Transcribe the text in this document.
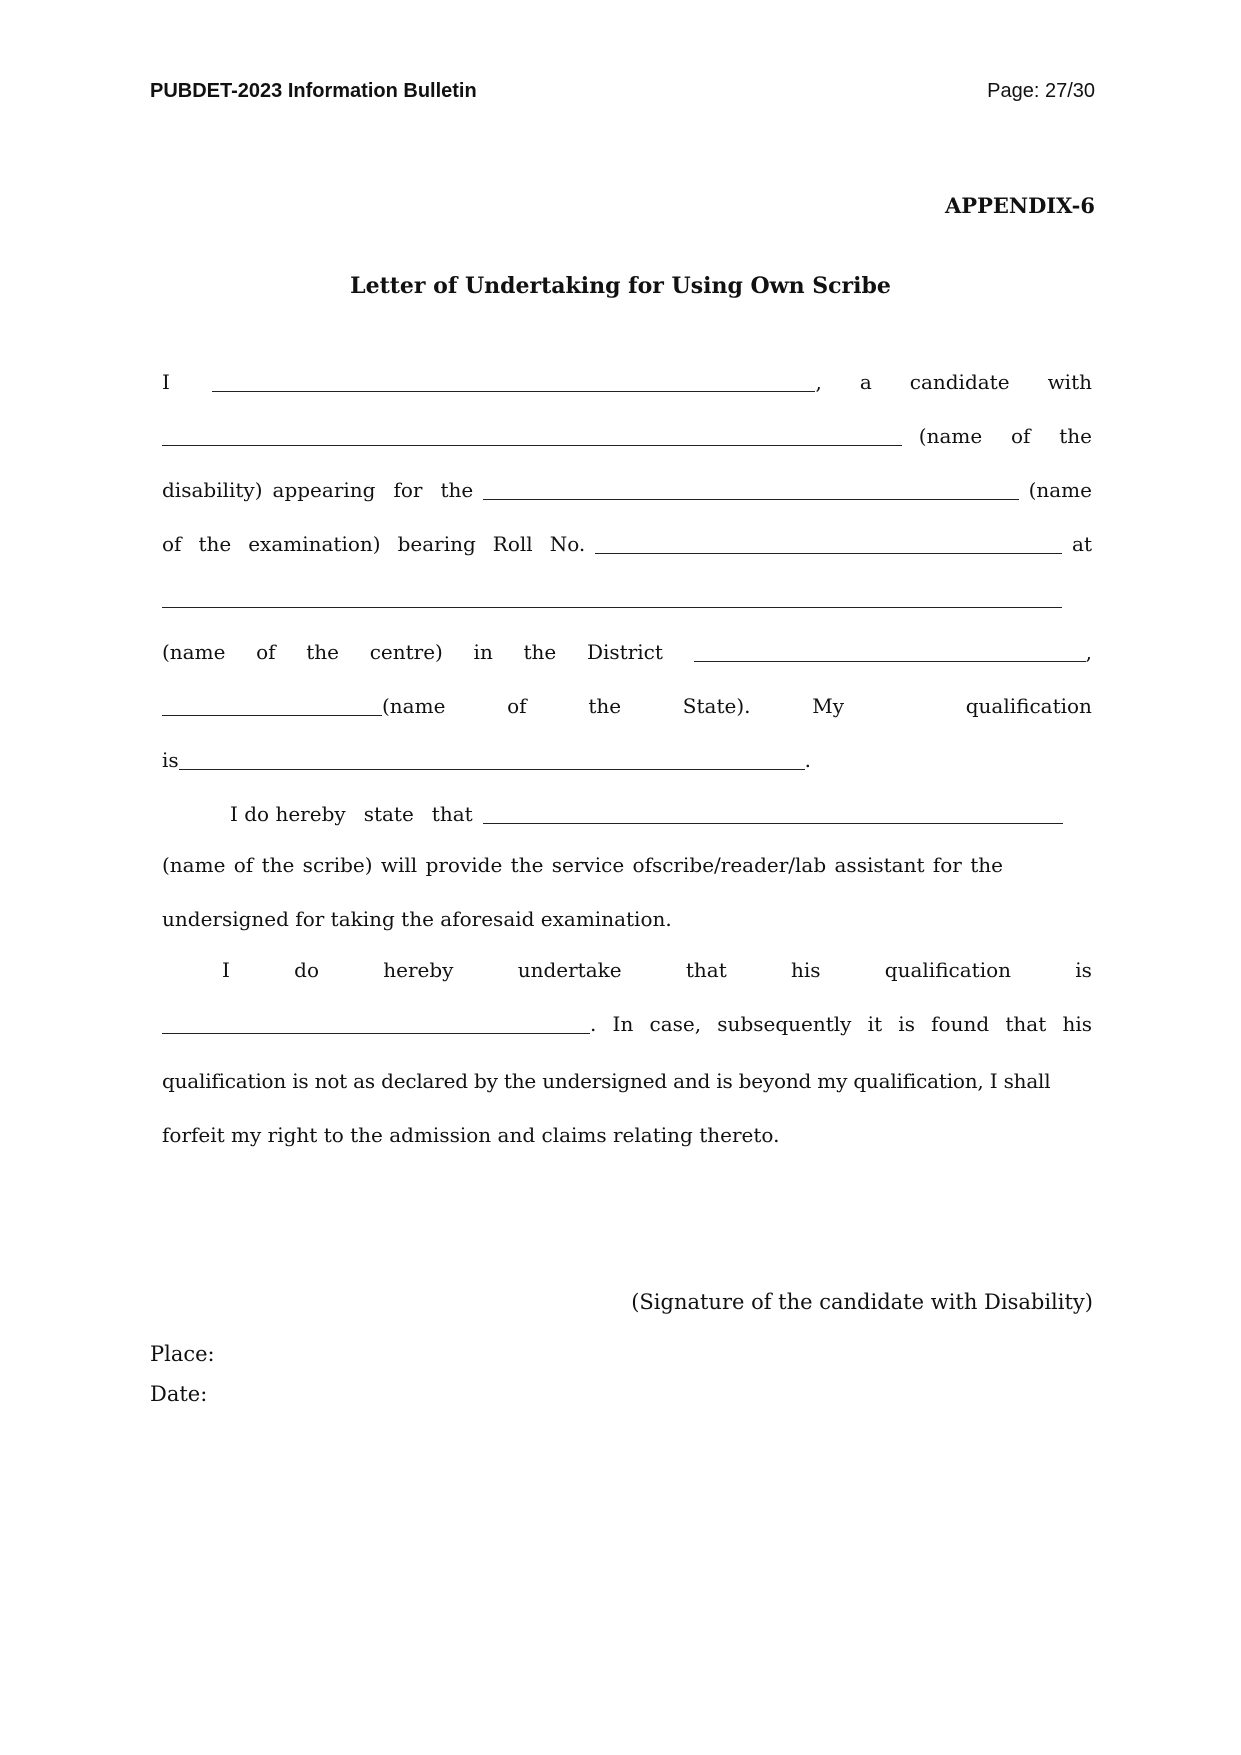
PUBDET-2023 Information Bulletin	Page: 27/30
APPENDIX-6
Letter of Undertaking for Using Own Scribe
I	, a candidate with
(name of the
disability) appearing for the	(name
of the examination) bearing Roll No.	at
(name of the centre) in the District	,
(name	of	the	State).	My	qualification
is	.
I do hereby state that
(name of the scribe) will provide the service ofscribe/reader/lab assistant for the
undersigned for taking the aforesaid examination.
I	do	hereby	undertake	that	his	qualification	is
. In case, subsequently it is found that his
qualification is not as declared by the undersigned and is beyond my qualification, I shall
forfeit my right to the admission and claims relating thereto.
(Signature of the candidate with Disability)
Place:
Date:
